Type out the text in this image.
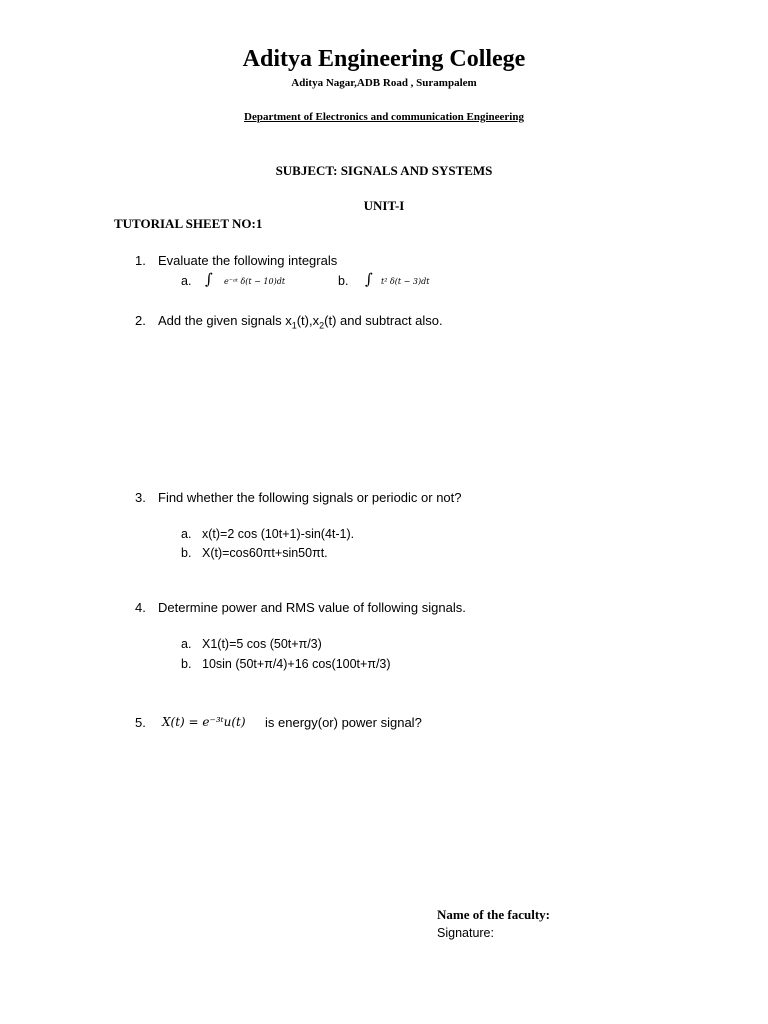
Aditya Engineering College
Aditya Nagar,ADB Road , Surampalem
Department of Electronics and communication Engineering
SUBJECT: SIGNALS AND SYSTEMS
UNIT-I
TUTORIAL SHEET NO:1
1. Evaluate the following integrals
a. ∫ e⁻ᵃᵗ δ(t − 10)dt	b. ∫ t² δ(t − 3)dt
2. Add the given signals $x_1(t),x_2(t)$ and subtract also.
3. Find whether the following signals or periodic or not?
a. x(t)=2 cos (10t+1)-sin(4t-1).
b. X(t)=cos60πt+sin50πt.
4. Determine power and RMS value of following signals.
a. X1(t)=5 cos (50t+π/3)
b. 10sin (50t+π/4)+16 cos(100t+π/3)
5. X(t) = e⁻³ᵗu(t) is energy(or) power signal?
Name of the faculty:
Signature:
